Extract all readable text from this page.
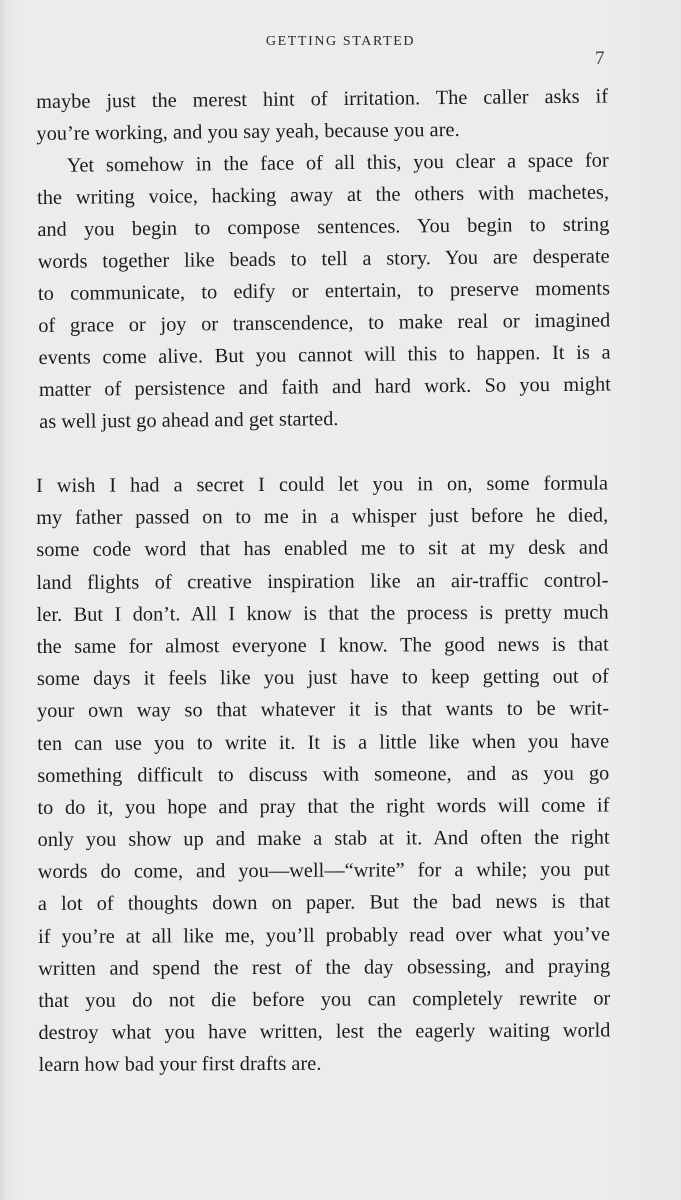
GETTING STARTED
7
maybe just the merest hint of irritation. The caller asks if
you’re working, and you say yeah, because you are.
Yet somehow in the face of all this, you clear a space for
the writing voice, hacking away at the others with machetes,
and you begin to compose sentences. You begin to string
words together like beads to tell a story. You are desperate
to communicate, to edify or entertain, to preserve moments
of grace or joy or transcendence, to make real or imagined
events come alive. But you cannot will this to happen. It is a
matter of persistence and faith and hard work. So you might
as well just go ahead and get started.
I wish I had a secret I could let you in on, some formula
my father passed on to me in a whisper just before he died,
some code word that has enabled me to sit at my desk and
land flights of creative inspiration like an air-traffic control-
ler. But I don’t. All I know is that the process is pretty much
the same for almost everyone I know. The good news is that
some days it feels like you just have to keep getting out of
your own way so that whatever it is that wants to be writ-
ten can use you to write it. It is a little like when you have
something difficult to discuss with someone, and as you go
to do it, you hope and pray that the right words will come if
only you show up and make a stab at it. And often the right
words do come, and you—well—“write” for a while; you put
a lot of thoughts down on paper. But the bad news is that
if you’re at all like me, you’ll probably read over what you’ve
written and spend the rest of the day obsessing, and praying
that you do not die before you can completely rewrite or
destroy what you have written, lest the eagerly waiting world
learn how bad your first drafts are.
